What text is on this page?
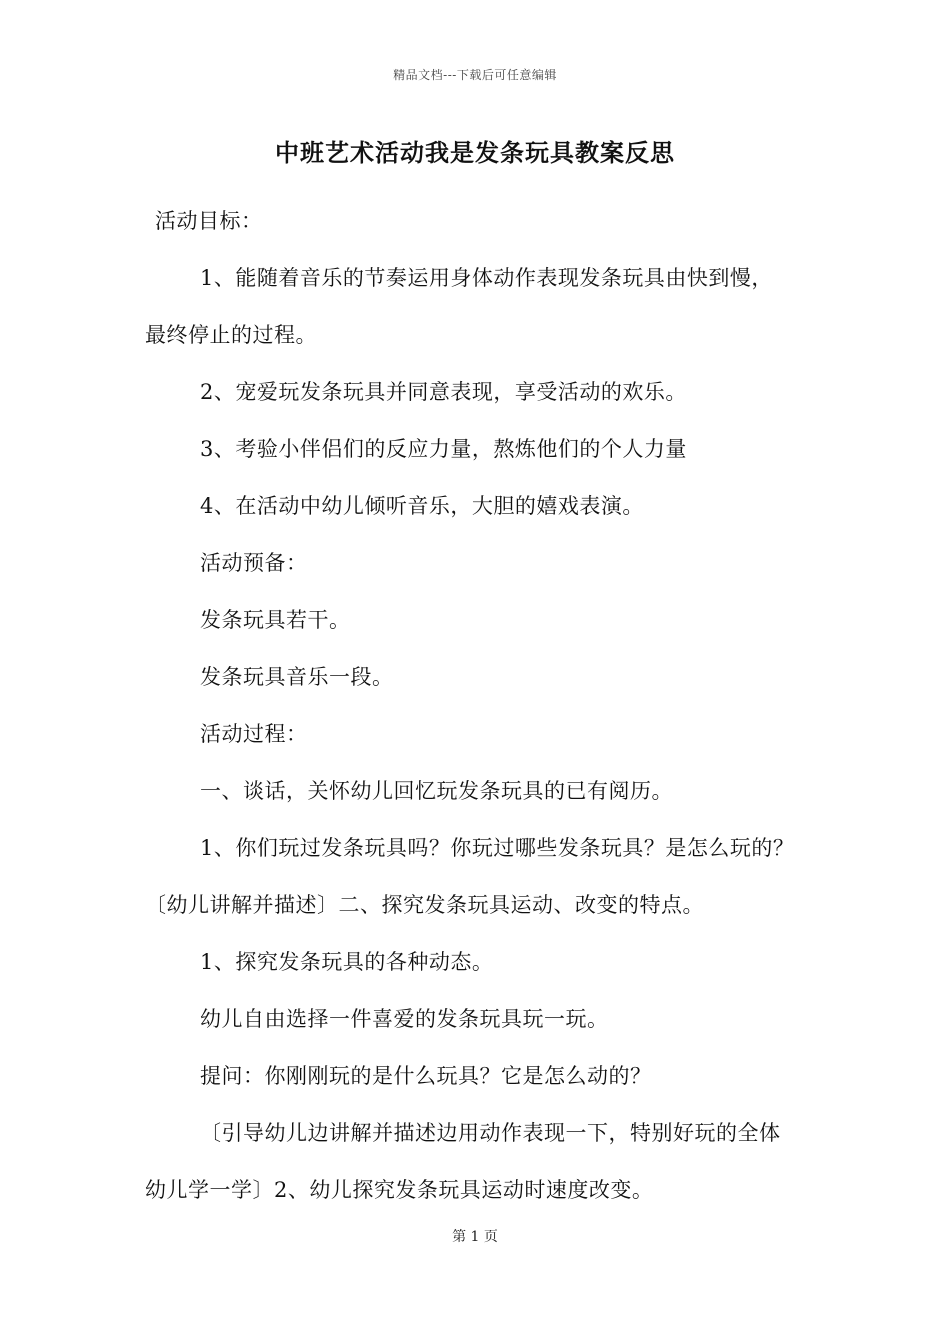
精品文档---下载后可任意编辑
中班艺术活动我是发条玩具教案反思
活动目标：
1、能随着音乐的节奏运用身体动作表现发条玩具由快到慢，
最终停止的过程。
2、宠爱玩发条玩具并同意表现，享受活动的欢乐。
3、考验小伴侣们的反应力量，熬炼他们的个人力量
4、在活动中幼儿倾听音乐，大胆的嬉戏表演。
活动预备：
发条玩具若干。
发条玩具音乐一段。
活动过程：
一、谈话，关怀幼儿回忆玩发条玩具的已有阅历。
1、你们玩过发条玩具吗？你玩过哪些发条玩具？是怎么玩的？
〔幼儿讲解并描述〕二、探究发条玩具运动、改变的特点。
1、探究发条玩具的各种动态。
幼儿自由选择一件喜爱的发条玩具玩一玩。
提问：你刚刚玩的是什么玩具？它是怎么动的？
〔引导幼儿边讲解并描述边用动作表现一下，特别好玩的全体
幼儿学一学〕2、幼儿探究发条玩具运动时速度改变。
第 1 页
